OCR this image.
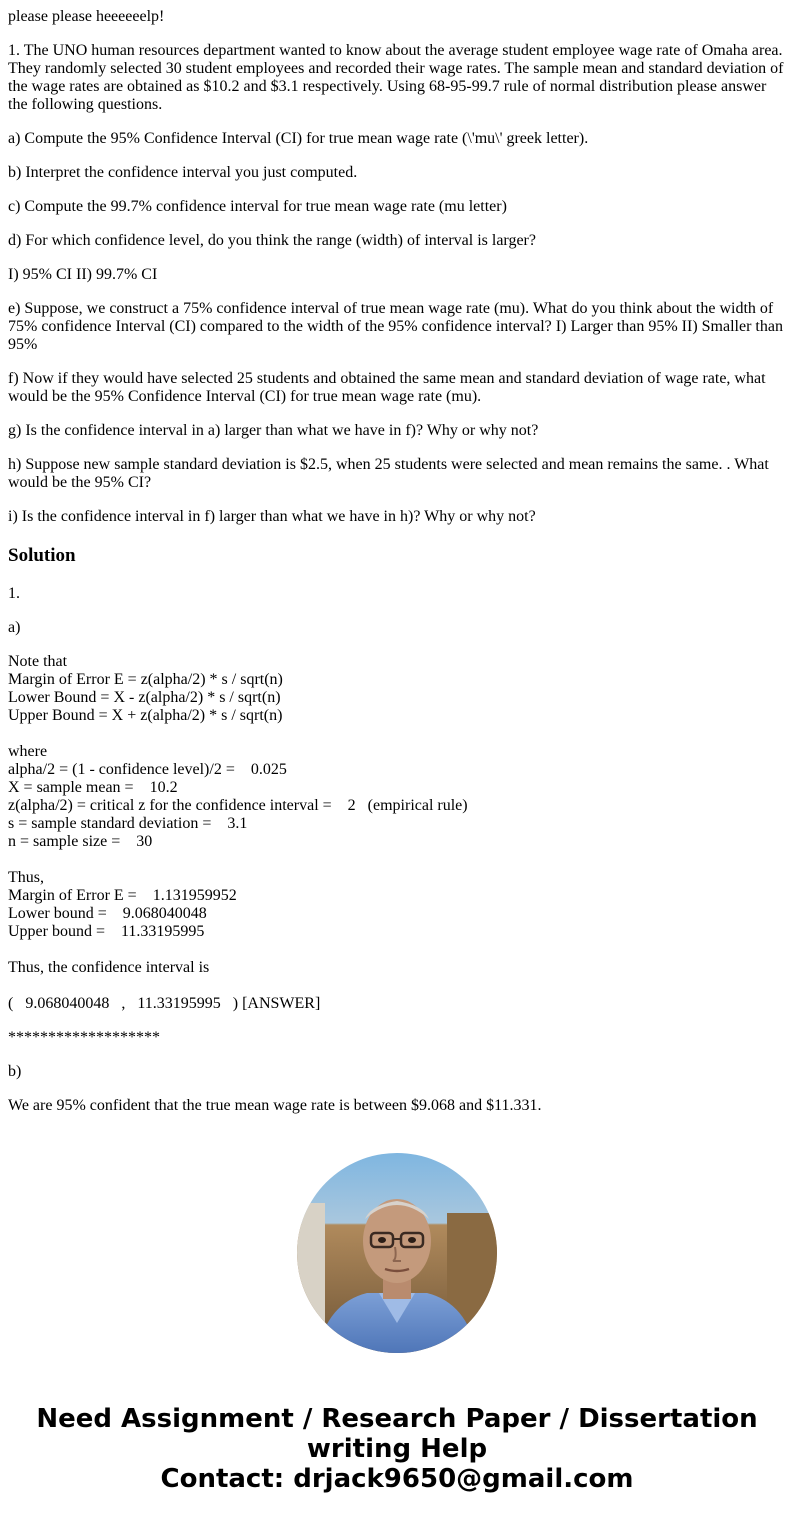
please please heeeeeelp!

1. The UNO human resources department wanted to know about the average student employee wage rate of Omaha area. They randomly selected 30 student employees and recorded their wage rates. The sample mean and standard deviation of the wage rates are obtained as $10.2 and $3.1 respectively. Using 68-95-99.7 rule of normal distribution please answer the following questions.

a) Compute the 95% Confidence Interval (CI) for true mean wage rate (\'mu\' greek letter).

b) Interpret the confidence interval you just computed.

c) Compute the 99.7% confidence interval for true mean wage rate (mu letter)

d) For which confidence level, do you think the range (width) of interval is larger?

I) 95% CI II) 99.7% CI

e) Suppose, we construct a 75% confidence interval of true mean wage rate (mu). What do you think about the width of 75% confidence Interval (CI) compared to the width of the 95% confidence interval? I) Larger than 95% II) Smaller than 95%

f) Now if they would have selected 25 students and obtained the same mean and standard deviation of wage rate, what would be the 95% Confidence Interval (CI) for true mean wage rate (mu).

g) Is the confidence interval in a) larger than what we have in f)? Why or why not?

h) Suppose new sample standard deviation is $2.5, when 25 students were selected and mean remains the same. . What would be the 95% CI?

i) Is the confidence interval in f) larger than what we have in h)? Why or why not?

Solution

1.

a)

Note that
Margin of Error E = z(alpha/2) * s / sqrt(n)
Lower Bound = X - z(alpha/2) * s / sqrt(n)
Upper Bound = X + z(alpha/2) * s / sqrt(n)
where
alpha/2 = (1 - confidence level)/2 =    0.025
X = sample mean =    10.2
z(alpha/2) = critical z for the confidence interval =    2   (empirical rule)
s = sample standard deviation =    3.1
n = sample size =    30
Thus,
Margin of Error E =    1.131959952
Lower bound =    9.068040048
Upper bound =    11.33195995

Thus, the confidence interval is

(   9.068040048   ,   11.33195995   ) [ANSWER]

*******************

b)

We are 95% confident that the true mean wage rate is between $9.068 and $11.331.

Need Assignment / Research Paper / Dissertation
writing Help
Contact: drjack9650@gmail.com
